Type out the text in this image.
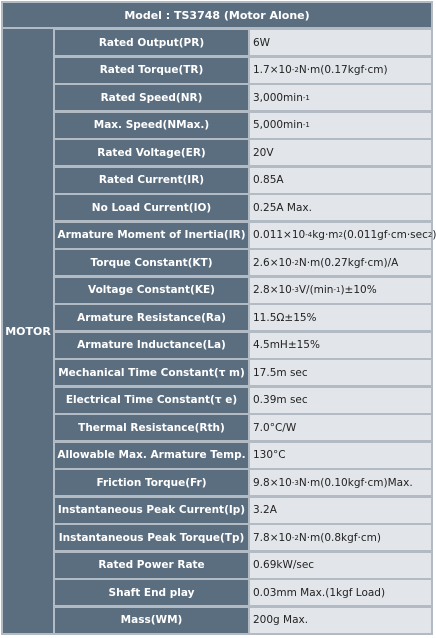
Model : TS3748 (Motor Alone)
MOTOR
Rated Output(PR)	6W
Rated Torque(TR)	1.7×10 -2 N·m(0.17kgf·cm)
Rated Speed(NR)	3,000min -1
Max. Speed(NMax.)	5,000min -1
Rated Voltage(ER)	20V
Rated Current(IR)	0.85A
No Load Current(IO)	0.25A Max.
Armature Moment of Inertia(IR) 0.011×10 -4 kg·m 2 (0.011gf·cm·sec 2
Torque Constant(KT)	2.6×10 -2 N·m(0.27kgf·cm)/A
Voltage Constant(KE)	2.8×10 -3 V/(min -1 )±10%
Armature Resistance(Ra)	11.5Ω±15%
Armature Inductance(La)	4.5mH±15%
Mechanical Time Constant(τ m) 17.5m sec
Electrical Time Constant(τ e)	0.39m sec
Thermal Resistance(Rth)	7.0°C/W
Allowable Max. Armature Temp. 130°C
Friction Torque(Fr)	9.8×10 -3 N·m(0.10kgf·cm)Max.
Instantaneous Peak Current(Ip) 3.2A
Instantaneous Peak Torque(Tp) 7.8×10 -2 N·m(0.8kgf·cm)
Rated Power Rate	0.69kW/sec
Shaft End play	0.03mm Max.(1kgf Load)
Mass(WM)	200g Max.
